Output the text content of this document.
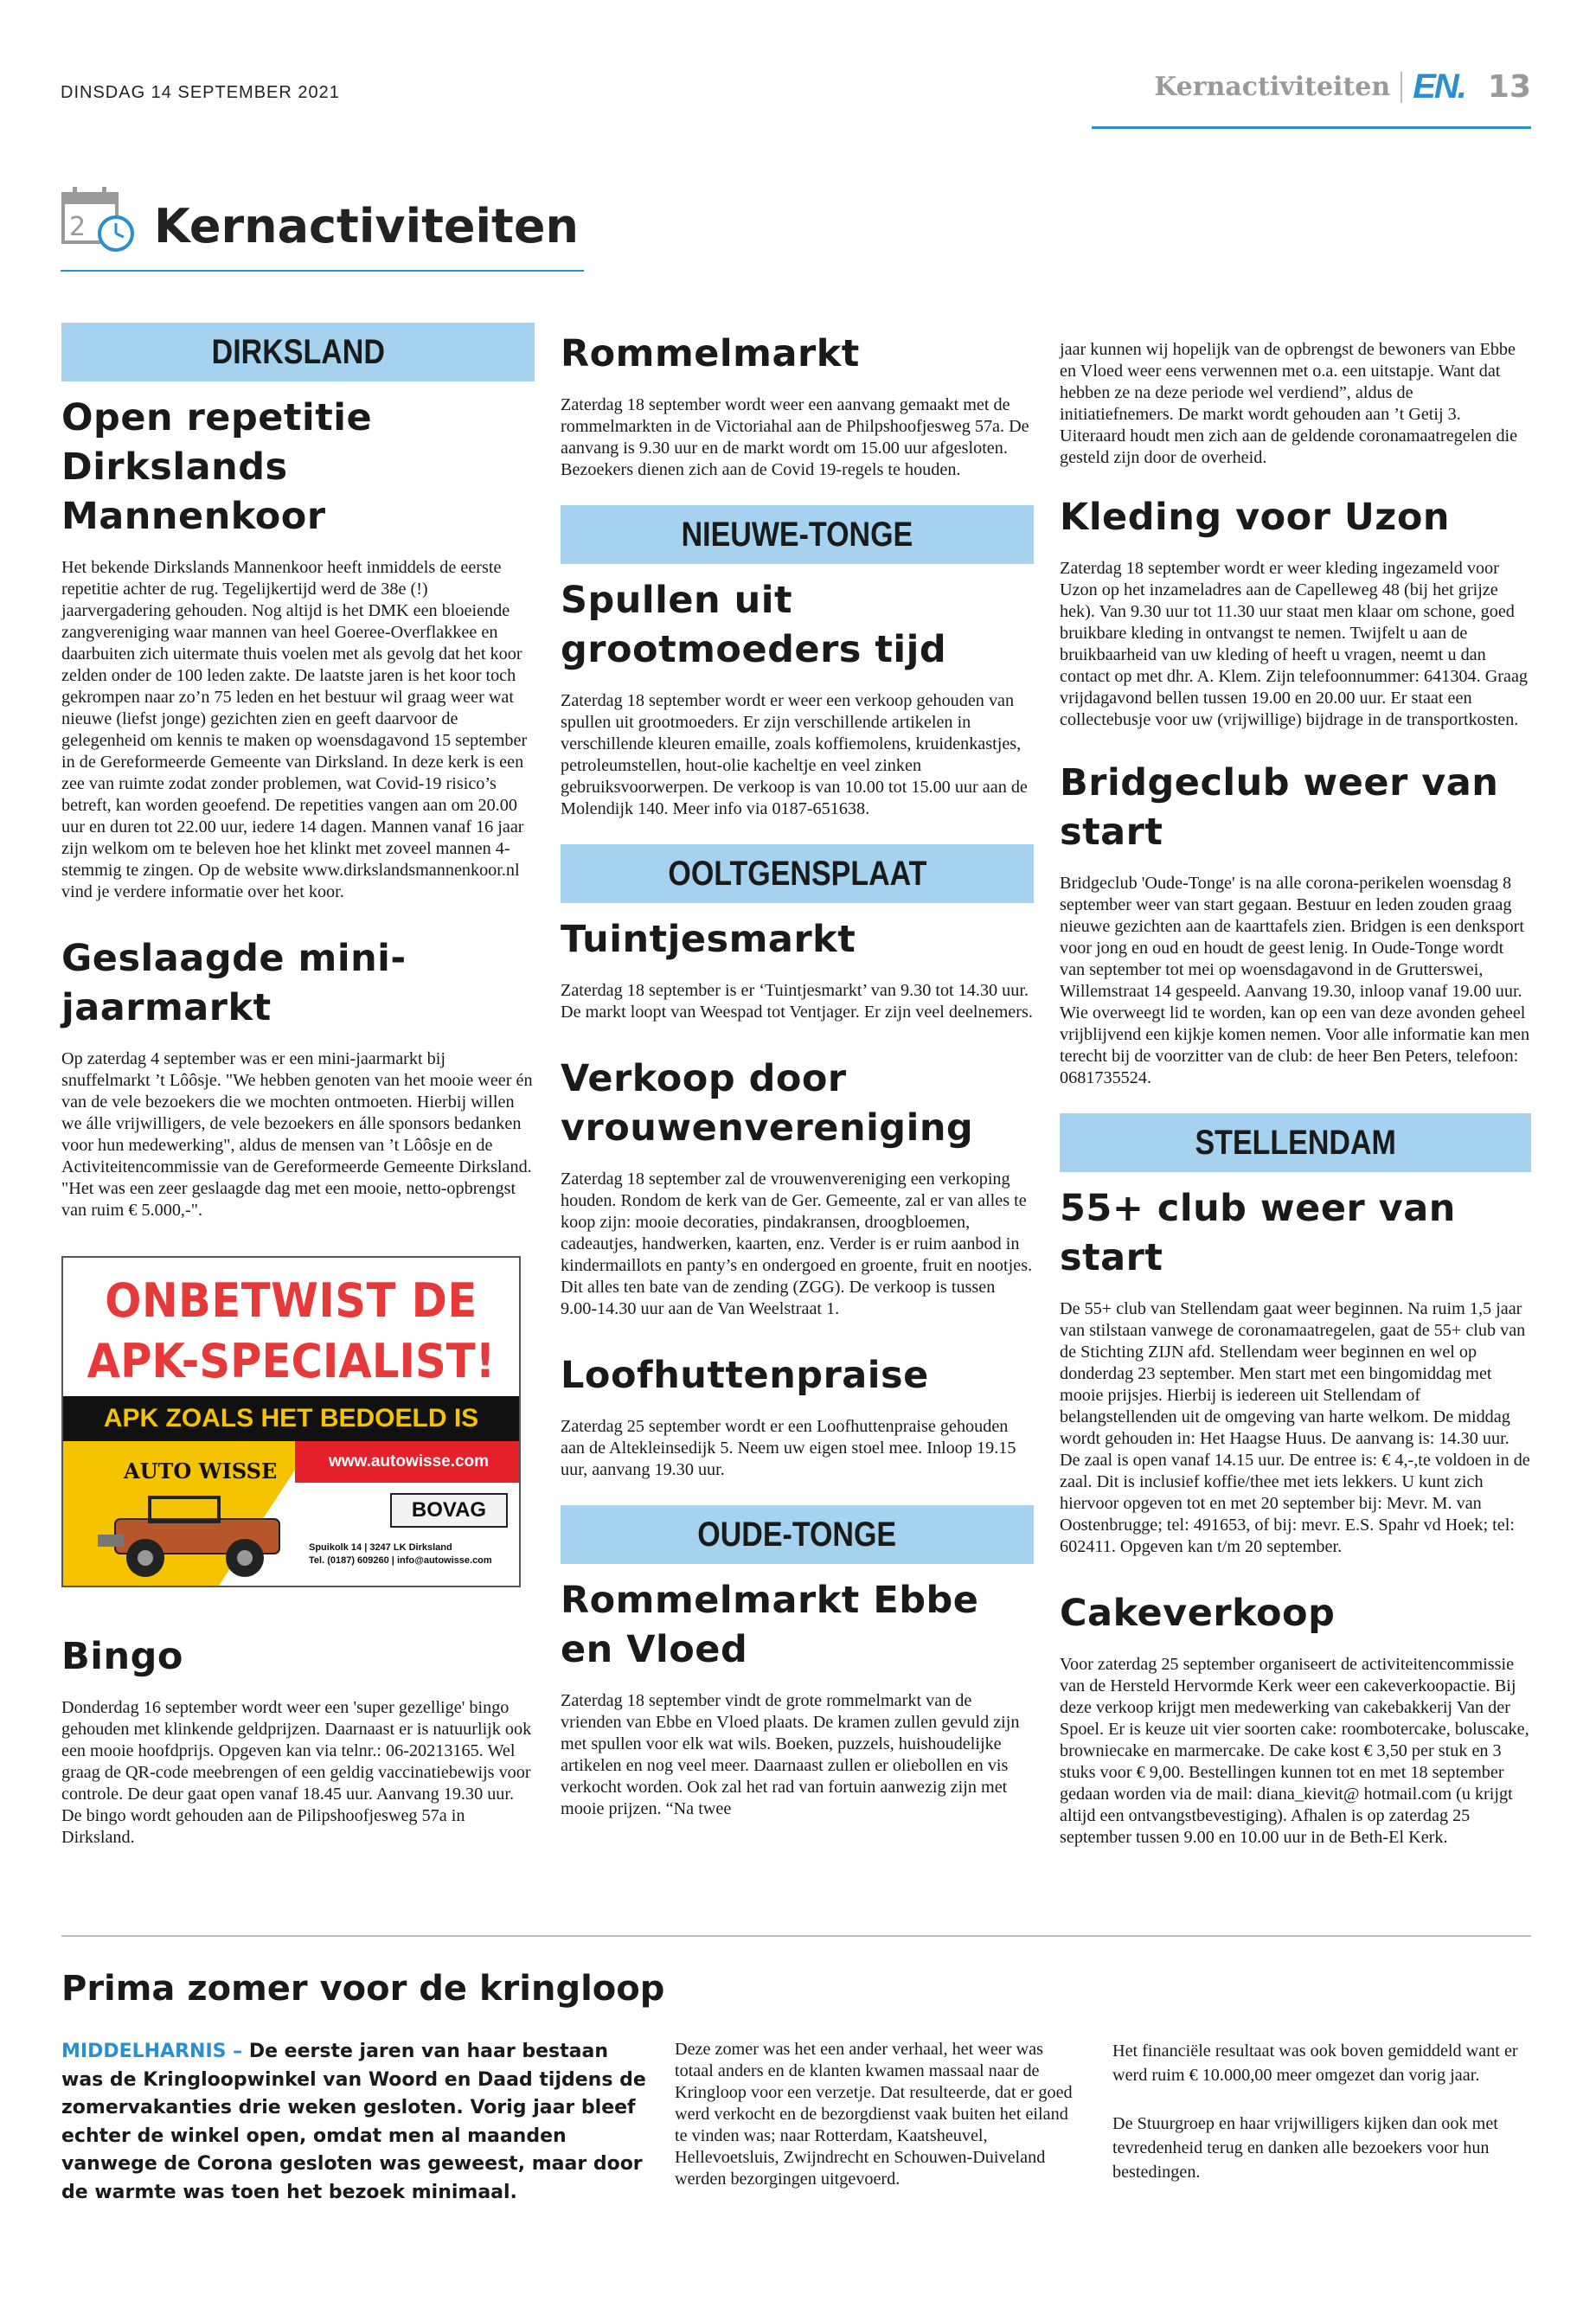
DINSDAG 14 SEPTEMBER 2021	Kernactiviteiten EN. 13
2 Kernactiviteiten
DIRKSLAND
Open repetitie Dirkslands Mannenkoor

Het bekende Dirkslands Mannenkoor heeft inmiddels de eerste repetitie achter de rug. Tegelijkertijd werd de 38e (!) jaarvergadering gehouden. Nog altijd is het DMK een bloeiende zangvereniging waar mannen van heel Goeree-Overflakkee en daarbuiten zich uitermate thuis voelen met als gevolg dat het koor zelden onder de 100 leden zakte. De laatste jaren is het koor toch gekrompen naar zo’n 75 leden en het bestuur wil graag weer wat nieuwe (liefst jonge) gezichten zien en geeft daarvoor de gelegenheid om kennis te maken op woensdagavond 15 september in de Gereformeerde Gemeente van Dirksland. In deze kerk is een zee van ruimte zodat zonder problemen, wat Covid-19 risico’s betreft, kan worden geoefend. De repetities vangen aan om 20.00 uur en duren tot 22.00 uur, iedere 14 dagen. Mannen vanaf 16 jaar zijn welkom om te beleven hoe het klinkt met zoveel mannen 4-stemmig te zingen. Op de website www.dirkslandsmannenkoor.nl vind je verdere informatie over het koor.

Geslaagde mini-jaarmarkt

Op zaterdag 4 september was er een mini-jaarmarkt bij snuffelmarkt ’t Lôôsje. "We hebben genoten van het mooie weer én van de vele bezoekers die we mochten ontmoeten. Hierbij willen we álle vrijwilligers, de vele bezoekers en álle sponsors bedanken voor hun medewerking", aldus de mensen van ’t Lôôsje en de Activiteitencommissie van de Gereformeerde Gemeente Dirksland. "Het was een zeer geslaagde dag met een mooie, netto-opbrengst van ruim € 5.000,-".

ONBETWIST DE
APK-SPECIALIST!
APK ZOALS HET BEDOELD IS
AUTO WISSE	www.autowisse.com
BOVAG
Spuikolk 14 | 3247 LK Dirksland
Tel. (0187) 609260 | info@autowisse.com
Bingo

Donderdag 16 september wordt weer een 'super gezellige' bingo gehouden met klinkende geldprijzen. Daarnaast er is natuurlijk ook een mooie hoofdprijs. Opgeven kan via telnr.: 06-20213165. Wel graag de QR-code meebrengen of een geldig vaccinatiebewijs voor controle. De deur gaat open vanaf 18.45 uur. Aanvang 19.30 uur. De bingo wordt gehouden aan de Pilipshoofjesweg 57a in Dirksland.

Rommelmarkt

Zaterdag 18 september wordt weer een aanvang gemaakt met de rommelmarkten in de Victoriahal aan de Philpshoofjesweg 57a. De aanvang is 9.30 uur en de markt wordt om 15.00 uur afgesloten. Bezoekers dienen zich aan de Covid 19-regels te houden.

NIEUWE-TONGE
Spullen uit grootmoeders tijd

Zaterdag 18 september wordt er weer een verkoop gehouden van spullen uit grootmoeders. Er zijn verschillende artikelen in verschillende kleuren emaille, zoals koffiemolens, kruidenkastjes, petroleumstellen, hout-olie kacheltje en veel zinken gebruiksvoorwerpen. De verkoop is van 10.00 tot 15.00 uur aan de Molendijk 140. Meer info via 0187-651638.

OOLTGENSPLAAT
Tuintjesmarkt

Zaterdag 18 september is er ‘Tuintjesmarkt’ van 9.30 tot 14.30 uur. De markt loopt van Weespad tot Ventjager. Er zijn veel deelnemers.

Verkoop door vrouwenvereniging

Zaterdag 18 september zal de vrouwenvereniging een verkoping houden. Rondom de kerk van de Ger. Gemeente, zal er van alles te koop zijn: mooie decoraties, pindakransen, droogbloemen, cadeautjes, handwerken, kaarten, enz. Verder is er ruim aanbod in kindermaillots en panty’s en ondergoed en groente, fruit en nootjes. Dit alles ten bate van de zending (ZGG). De verkoop is tussen 9.00-14.30 uur aan de Van Weelstraat 1.

Loofhuttenpraise

Zaterdag 25 september wordt er een Loofhuttenpraise gehouden aan de Altekleinsedijk 5. Neem uw eigen stoel mee. Inloop 19.15 uur, aanvang 19.30 uur.

OUDE-TONGE
Rommelmarkt Ebbe en Vloed

Zaterdag 18 september vindt de grote rommelmarkt van de vrienden van Ebbe en Vloed plaats. De kramen zullen gevuld zijn met spullen voor elk wat wils. Boeken, puzzels, huishoudelijke artikelen en nog veel meer. Daarnaast zullen er oliebollen en vis verkocht worden. Ook zal het rad van fortuin aanwezig zijn met mooie prijzen. “Na twee

jaar kunnen wij hopelijk van de opbrengst de bewoners van Ebbe en Vloed weer eens verwennen met o.a. een uitstapje. Want dat hebben ze na deze periode wel verdiend”, aldus de initiatiefnemers. De markt wordt gehouden aan ’t Getij 3. Uiteraard houdt men zich aan de geldende coronamaatregelen die gesteld zijn door de overheid.

Kleding voor Uzon

Zaterdag 18 september wordt er weer kleding ingezameld voor Uzon op het inzameladres aan de Capelleweg 48 (bij het grijze hek). Van 9.30 uur tot 11.30 uur staat men klaar om schone, goed bruikbare kleding in ontvangst te nemen. Twijfelt u aan de bruikbaarheid van uw kleding of heeft u vragen, neemt u dan contact op met dhr. A. Klem. Zijn telefoonnummer: 641304. Graag vrijdagavond bellen tussen 19.00 en 20.00 uur. Er staat een collectebusje voor uw (vrijwillige) bijdrage in de transportkosten.

Bridgeclub weer van start

Bridgeclub 'Oude-Tonge' is na alle corona-perikelen woensdag 8 september weer van start gegaan. Bestuur en leden zouden graag nieuwe gezichten aan de kaarttafels zien. Bridgen is een denksport voor jong en oud en houdt de geest lenig. In Oude-Tonge wordt van september tot mei op woensdagavond in de Grutterswei, Willemstraat 14 gespeeld. Aanvang 19.30, inloop vanaf 19.00 uur. Wie overweegt lid te worden, kan op een van deze avonden geheel vrijblijvend een kijkje komen nemen. Voor alle informatie kan men terecht bij de voorzitter van de club: de heer Ben Peters, telefoon: 0681735524.

STELLENDAM
55+ club weer van start

De 55+ club van Stellendam gaat weer beginnen. Na ruim 1,5 jaar van stilstaan vanwege de coronamaatregelen, gaat de 55+ club van de Stichting ZIJN afd. Stellendam weer beginnen en wel op donderdag 23 september. Men start met een bingomiddag met mooie prijsjes. Hierbij is iedereen uit Stellendam of belangstellenden uit de omgeving van harte welkom. De middag wordt gehouden in: Het Haagse Huus. De aanvang is: 14.30 uur. De zaal is open vanaf 14.15 uur. De entree is: € 4,-,te voldoen in de zaal. Dit is inclusief koffie/thee met iets lekkers. U kunt zich hiervoor opgeven tot en met 20 september bij: Mevr. M. van Oostenbrugge; tel: 491653, of bij: mevr. E.S. Spahr vd Hoek; tel: 602411. Opgeven kan t/m 20 september.

Cakeverkoop

Voor zaterdag 25 september organiseert de activiteitencommissie van de Hersteld Hervormde Kerk weer een cakeverkoopactie. Bij deze verkoop krijgt men medewerking van cakebakkerij Van der Spoel. Er is keuze uit vier soorten cake: roombotercake, boluscake, browniecake en marmercake. De cake kost € 3,50 per stuk en 3 stuks voor € 9,00. Bestellingen kunnen tot en met 18 september gedaan worden via de mail: diana_kievit@ hotmail.com (u krijgt altijd een ontvangstbevestiging). Afhalen is op zaterdag 25 september tussen 9.00 en 10.00 uur in de Beth-El Kerk.

Prima zomer voor de kringloop
MIDDELHARNIS – De eerste jaren van haar bestaan was de Kringloopwinkel van Woord en Daad tijdens de zomervakanties drie weken gesloten. Vorig jaar bleef echter de winkel open, omdat men al maanden vanwege de Corona gesloten was geweest, maar door de warmte was toen het bezoek minimaal.

Deze zomer was het een ander verhaal, het weer was totaal anders en de klanten kwamen massaal naar de Kringloop voor een verzetje. Dat resulteerde, dat er goed werd verkocht en de bezorgdienst vaak buiten het eiland te vinden was; naar Rotterdam, Kaatsheuvel, Hellevoetsluis, Zwijndrecht en Schouwen-Duiveland werden bezorgingen uitgevoerd.

Het financiële resultaat was ook boven gemiddeld want er werd ruim € 10.000,00 meer omgezet dan vorig jaar.

De Stuurgroep en haar vrijwilligers kijken dan ook met tevredenheid terug en danken alle bezoekers voor hun bestedingen.
